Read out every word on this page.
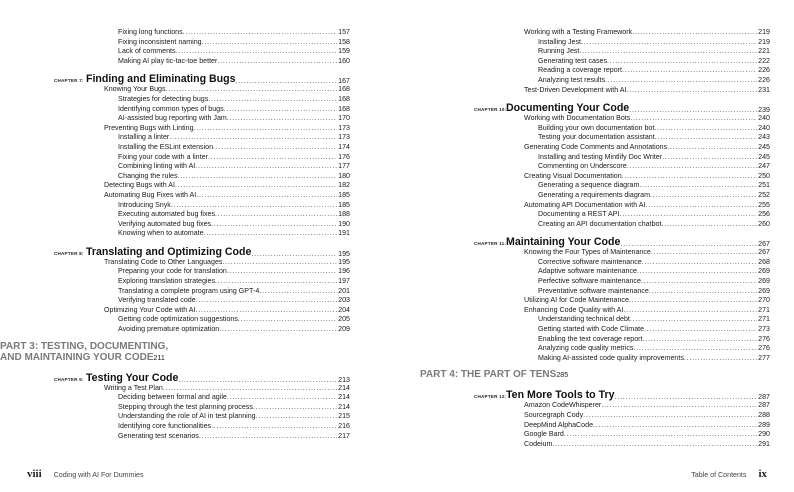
Fixing long functions . . .	157
Fixing inconsistent naming . . .	158
Lack of comments . . .	159
Making AI play tic-tac-toe better . . .	160
CHAPTER 7: Finding and Eliminating Bugs . . .	167
Knowing Your Bugs . . .	168
Strategies for detecting bugs . . .	168
Identifying common types of bugs . . .	168
AI-assisted bug reporting with Jam . . .	170
Preventing Bugs with Linting . . .	173
Installing a linter . . .	173
Installing the ESLint extension . . .	174
Fixing your code with a linter . . .	176
Combining linting with AI . . .	177
Changing the rules . . .	180
Detecting Bugs with AI . . .	182
Automating Bug Fixes with AI . . .	185
Introducing Snyk . . .	185
Executing automated bug fixes . . .	188
Verifying automated bug fixes . . .	190
Knowing when to automate . . .	191
CHAPTER 8: Translating and Optimizing Code . . .	195
Translating Code to Other Languages . . .	195
Preparing your code for translation . . .	196
Exploring translation strategies . . .	197
Translating a complete program using GPT-4 . . .	201
Verifying translated code . . .	203
Optimizing Your Code with AI . . .	204
Getting code optimization suggestions . . .	205
Avoiding premature optimization . . .	209
PART 3: TESTING, DOCUMENTING,
AND MAINTAINING YOUR CODE 211
CHAPTER 9: Testing Your Code . . .	213
Writing a Test Plan . . .	214
Deciding between formal and agile . . .	214
Stepping through the test planning process . . .	214
Understanding the role of AI in test planning . . .	215
Identifying core functionalities . . .	216
Generating test scenarios . . .	217
Working with a Testing Framework . . .	219
Installing Jest . . .	219
Running Jest . . .	221
Generating test cases . . .	222
Reading a coverage report . . .	226
Analyzing test results . . .	226
Test-Driven Development with AI . . .	231
CHAPTER 10: Documenting Your Code . . .	239
Working with Documentation Bots . . .	240
Building your own documentation bot . . .	240
Testing your documentation assistant . . .	243
Generating Code Comments and Annotations . . .	245
Installing and testing Mintlify Doc Writer . . .	245
Commenting on Underscore . . .	247
Creating Visual Documentation . . .	250
Generating a sequence diagram . . .	251
Generating a requirements diagram . . .	252
Automating API Documentation with AI . . .	255
Documenting a REST API . . .	256
Creating an API documentation chatbot . . .	260
CHAPTER 11: Maintaining Your Code . . .	267
Knowing the Four Types of Maintenance . . .	267
Corrective software maintenance . . .	268
Adaptive software maintenance . . .	269
Perfective software maintenance . . .	269
Preventative software maintenance . . .	269
Utilizing AI for Code Maintenance . . .	270
Enhancing Code Quality with AI . . .	271
Understanding technical debt . . .	271
Getting started with Code Climate . . .	273
Enabling the text coverage report . . .	276
Analyzing code quality metrics . . .	276
Making AI-assisted code quality improvements . . .	277
PART 4: THE PART OF TENS 285
CHAPTER 12: Ten More Tools to Try . . .	287
Amazon CodeWhisperer . . .	287
Sourcegraph Cody . . .	288
DeepMind AlphaCode . . .	289
Google Bard . . .	290
Codeium . . .	291
viii Coding with AI For Dummies	Table of Contents ix
